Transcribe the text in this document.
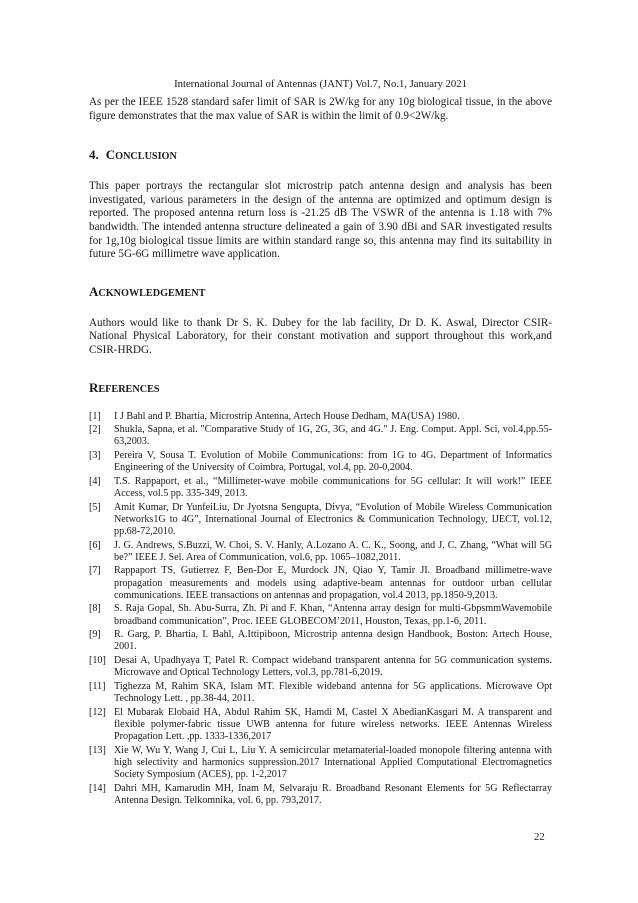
International Journal of Antennas (JANT) Vol.7, No.1, January 2021

As per the IEEE 1528 standard safer limit of SAR is 2W/kg for any 10g biological tissue, in the above figure demonstrates that the max value of SAR is within the limit of 0.9<2W/kg.

4. CONCLUSION

This paper portrays the rectangular slot microstrip patch antenna design and analysis has been investigated, various parameters in the design of the antenna are optimized and optimum design is reported. The proposed antenna return loss is -21.25 dB The VSWR of the antenna is 1.18 with 7% bandwidth. The intended antenna structure delineated a gain of 3.90 dBi and SAR investigated results for 1g,10g biological tissue limits are within standard range so, this antenna may find its suitability in future 5G-6G millimetre wave application.

ACKNOWLEDGEMENT

Authors would like to thank Dr S. K. Dubey for the lab facility, Dr D. K. Aswal, Director CSIR-National Physical Laboratory, for their constant motivation and support throughout this work,and CSIR-HRDG.

REFERENCES
[1] I J Bahl and P. Bhartia, Microstrip Antenna, Artech House Dedham, MA(USA) 1980.
[2] Shukla, Sapna, et al. "Comparative Study of 1G, 2G, 3G, and 4G." J. Eng. Comput. Appl. Sci, vol.4,pp.55-63,2003.
[3] Pereira V, Sousa T. Evolution of Mobile Communications: from 1G to 4G. Department of Informatics Engineering of the University of Coimbra, Portugal, vol.4, pp. 20-0,2004.
[4] T.S. Rappaport, et al., “Millimeter-wave mobile communications for 5G cellular: It will work!” IEEE Access, vol.5 pp. 335-349, 2013.
[5] Amit Kumar, Dr YunfeiLiu, Dr Jyotsna Sengupta, Divya, “Evolution of Mobile Wireless Communication Networks1G to 4G”, International Journal of Electronics & Communication Technology, IJECT, vol.12, pp.68-72,2010.
[6] J. G. Andrews, S.Buzzi, W. Choi, S. V. Hanly, A.Lozano A. C. K., Soong, and J. C. Zhang, “What will 5G be?” IEEE J. Sel. Area of Communication, vol.6, pp. 1065–1082,2011.
[7] Rappaport TS, Gutierrez F, Ben-Dor E, Murdock JN, Qiao Y, Tamir JI. Broadband millimetre-wave propagation measurements and models using adaptive-beam antennas for outdoor urban cellular communications. IEEE transactions on antennas and propagation, vol.4 2013, pp.1850-9,2013.
[8] S. Raja Gopal, Sh. Abu-Surra, Zh. Pi and F. Khan, “Antenna array design for multi-GbpsmmWavemobile broadband communication”, Proc. IEEE GLOBECOM’2011, Houston, Texas, pp.1-6, 2011.
[9] R. Garg, P. Bhartia, I. Bahl, A.Ittipiboon, Microstrip antenna design Handbook, Boston: Artech House, 2001.
[10] Desai A, Upadhyaya T, Patel R. Compact wideband transparent antenna for 5G communication systems. Microwave and Optical Technology Letters, vol.3, pp.781-6,2019.
[11] Tighezza M, Rahim SKA, Islam MT. Flexible wideband antenna for 5G applications. Microwave Opt Technology Lett. , pp.38-44, 2011.
[12] El Mubarak Elobaid HA, Abdul Rahim SK, Hamdi M, Castel X AbedianKasgari M. A transparent and flexible polymer-fabric tissue UWB antenna for future wireless networks. IEEE Antennas Wireless Propagation Lett. ,pp. 1333-1336,2017
[13] Xie W, Wu Y, Wang J, Cui L, Liu Y. A semicircular metamaterial-loaded monopole filtering antenna with high selectivity and harmonics suppression.2017 International Applied Computational Electromagnetics Society Symposium (ACES), pp. 1-2,2017
[14] Dahri MH, Kamarudin MH, Inam M, Selvaraju R. Broadband Resonant Elements for 5G Reflectarray Antenna Design. Telkomnika, vol. 6, pp. 793,2017.
22
